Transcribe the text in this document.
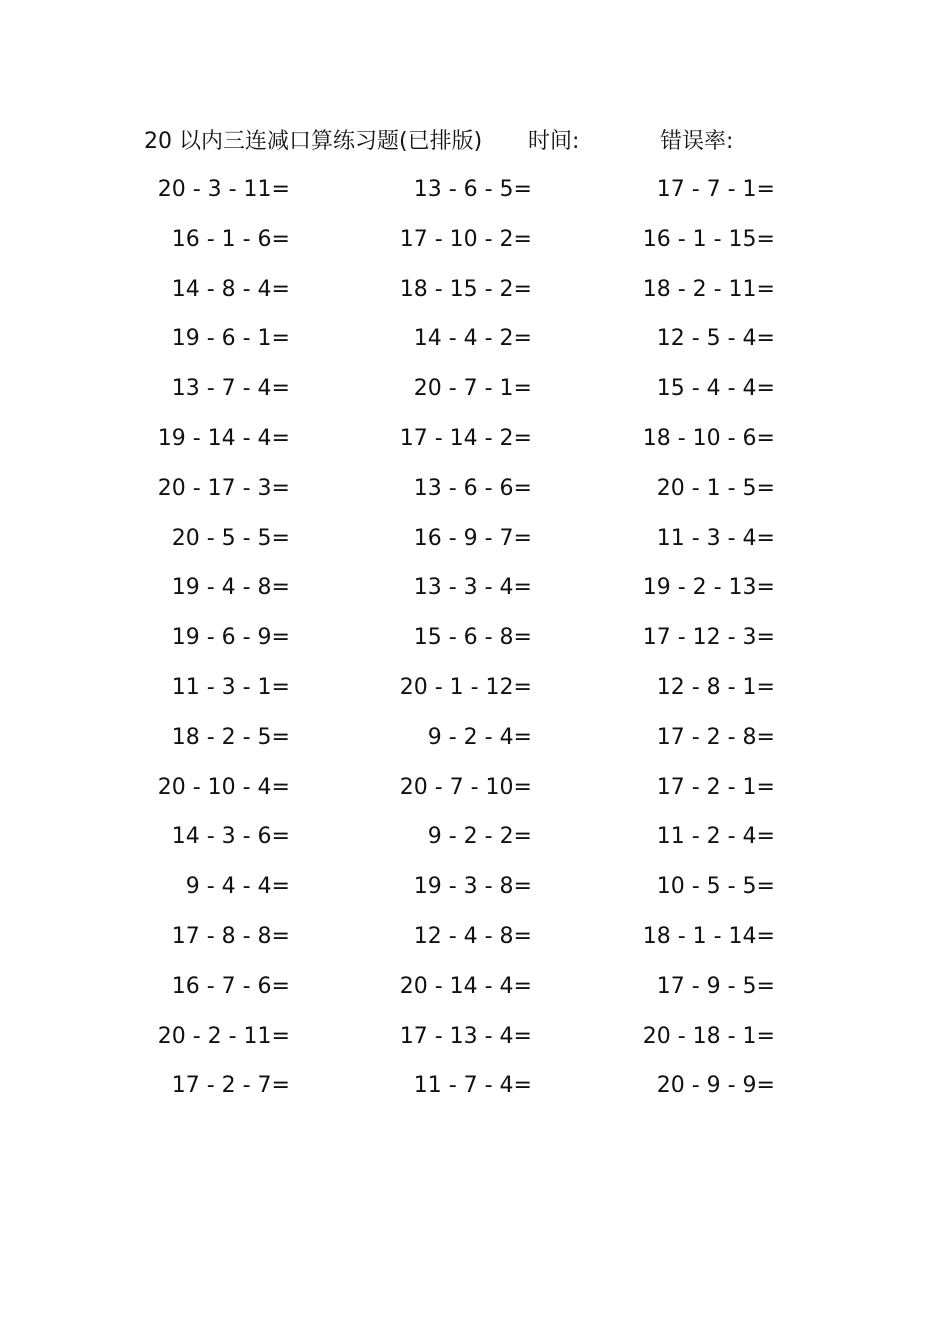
20 以内三连减口算练习题(已排版) 时间:	错误率:
20 - 3 - 11=	13 - 6 - 5=	17 - 7 - 1=
16 - 1 - 6=	17 - 10 - 2=	16 - 1 - 15=
14 - 8 - 4=	18 - 15 - 2=	18 - 2 - 11=
19 - 6 - 1=	14 - 4 - 2=	12 - 5 - 4=
13 - 7 - 4=	20 - 7 - 1=	15 - 4 - 4=
19 - 14 - 4=	17 - 14 - 2=	18 - 10 - 6=
20 - 17 - 3=	13 - 6 - 6=	20 - 1 - 5=
20 - 5 - 5=	16 - 9 - 7=	11 - 3 - 4=
19 - 4 - 8=	13 - 3 - 4=	19 - 2 - 13=
19 - 6 - 9=	15 - 6 - 8=	17 - 12 - 3=
11 - 3 - 1=	20 - 1 - 12=	12 - 8 - 1=
18 - 2 - 5=	9 - 2 - 4=	17 - 2 - 8=
20 - 10 - 4=	20 - 7 - 10=	17 - 2 - 1=
14 - 3 - 6=	9 - 2 - 2=	11 - 2 - 4=
9 - 4 - 4=	19 - 3 - 8=	10 - 5 - 5=
17 - 8 - 8=	12 - 4 - 8=	18 - 1 - 14=
16 - 7 - 6=	20 - 14 - 4=	17 - 9 - 5=
20 - 2 - 11=	17 - 13 - 4=	20 - 18 - 1=
17 - 2 - 7=	11 - 7 - 4=	20 - 9 - 9=
